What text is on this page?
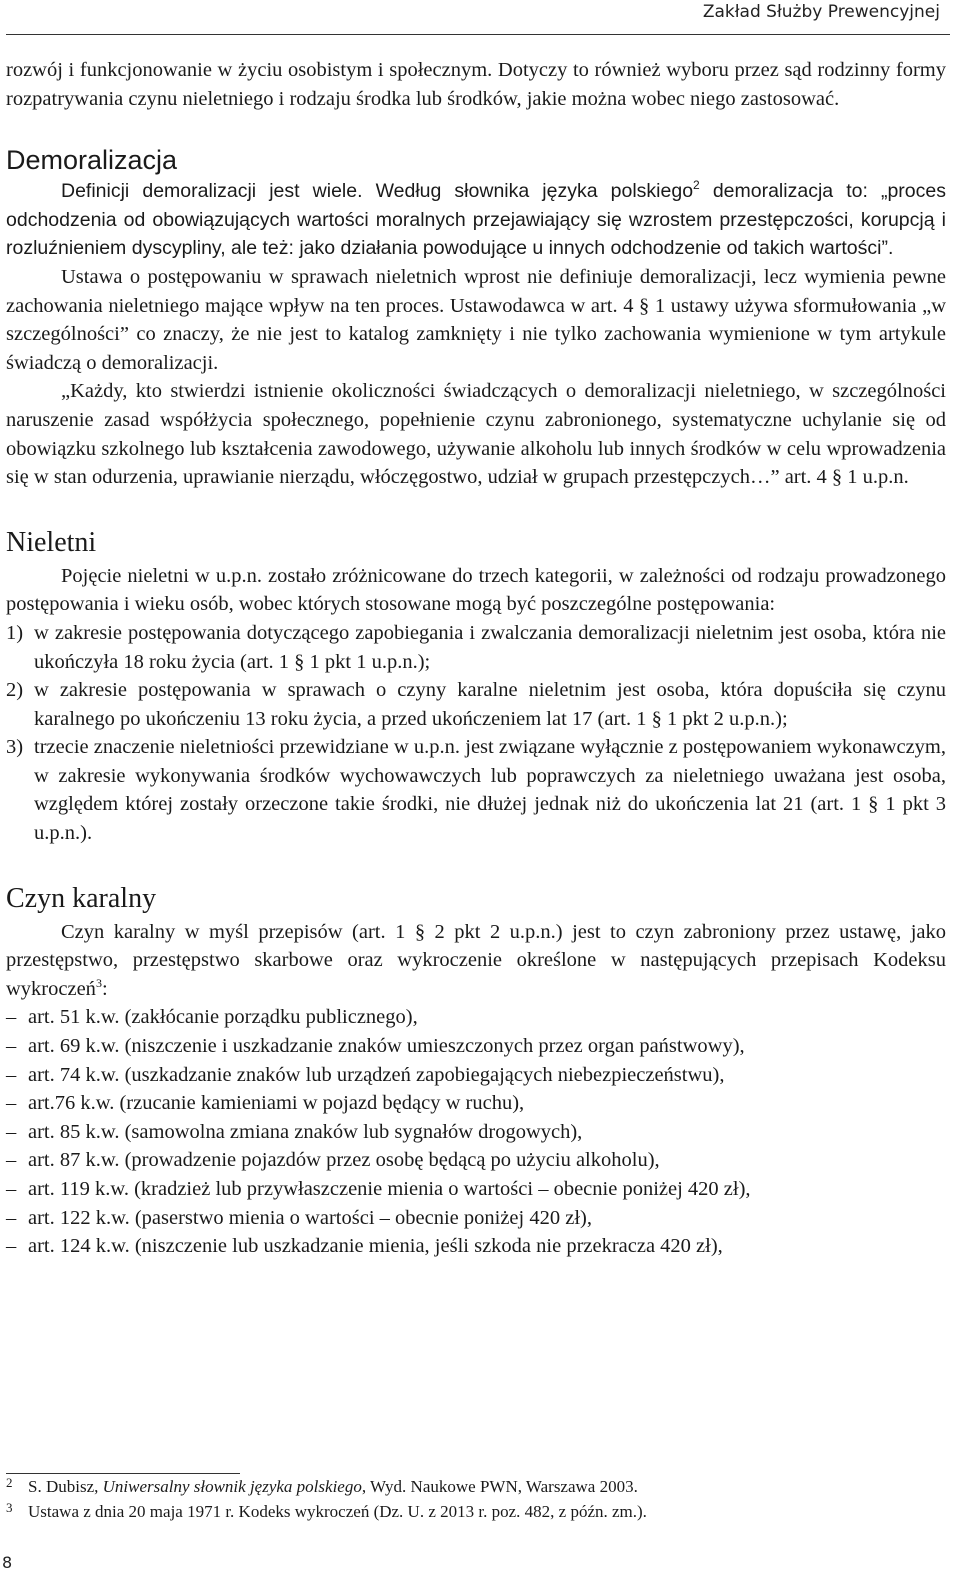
Zakład Służby Prewencyjnej

rozwój i funkcjonowanie w życiu osobistym i społecznym. Dotyczy to również wyboru przez sąd rodzinny formy rozpatrywania czynu nieletniego i rodzaju środka lub środków, jakie można wobec niego zastosować.

Demoralizacja

Definicji demoralizacji jest wiele. Według słownika języka polskiego$^2$ demoralizacja to: „proces odchodzenia od obowiązujących wartości moralnych przejawiający się wzrostem przestępczości, korupcją i rozluźnieniem dyscypliny, ale też: jako działania powodujące u innych odchodzenie od takich wartości”.

Ustawa o postępowaniu w sprawach nieletnich wprost nie definiuje demoralizacji, lecz wymienia pewne zachowania nieletniego mające wpływ na ten proces. Ustawodawca w art. 4 § 1 ustawy używa sformułowania „w szczególności” co znaczy, że nie jest to katalog zamknięty i nie tylko zachowania wymienione w tym artykule świadczą o demoralizacji.

„Każdy, kto stwierdzi istnienie okoliczności świadczących o demoralizacji nieletniego, w szczególności naruszenie zasad współżycia społecznego, popełnienie czynu zabronionego, systematyczne uchylanie się od obowiązku szkolnego lub kształcenia zawodowego, używanie alkoholu lub innych środków w celu wprowadzenia się w stan odurzenia, uprawianie nierządu, włóczęgostwo, udział w grupach przestępczych…” art. 4 § 1 u.p.n.

Nieletni

Pojęcie nieletni w u.p.n. zostało zróżnicowane do trzech kategorii, w zależności od rodzaju prowadzonego postępowania i wieku osób, wobec których stosowane mogą być poszczególne postępowania:

1) w zakresie postępowania dotyczącego zapobiegania i zwalczania demoralizacji nieletnim jest osoba, która nie ukończyła 18 roku życia (art. 1 § 1 pkt 1 u.p.n.);
2) w zakresie postępowania w sprawach o czyny karalne nieletnim jest osoba, która dopuściła się czynu karalnego po ukończeniu 13 roku życia, a przed ukończeniem lat 17 (art. 1 § 1 pkt 2 u.p.n.);
3) trzecie znaczenie nieletniości przewidziane w u.p.n. jest związane wyłącznie z postępowaniem wykonawczym, w zakresie wykonywania środków wychowawczych lub poprawczych za nieletniego uważana jest osoba, względem której zostały orzeczone takie środki, nie dłużej jednak niż do ukończenia lat 21 (art. 1 § 1 pkt 3 u.p.n.).
Czyn karalny

Czyn karalny w myśl przepisów (art. 1 § 2 pkt 2 u.p.n.) jest to czyn zabroniony przez ustawę, jako przestępstwo, przestępstwo skarbowe oraz wykroczenie określone w następujących przepisach Kodeksu wykroczeń$^3$:

– art. 51 k.w. (zakłócanie porządku publicznego),
– art. 69 k.w. (niszczenie i uszkadzanie znaków umieszczonych przez organ państwowy),
– art. 74 k.w. (uszkadzanie znaków lub urządzeń zapobiegających niebezpieczeństwu),
– art.76 k.w. (rzucanie kamieniami w pojazd będący w ruchu),
– art. 85 k.w. (samowolna zmiana znaków lub sygnałów drogowych),
– art. 87 k.w. (prowadzenie pojazdów przez osobę będącą po użyciu alkoholu),
– art. 119 k.w. (kradzież lub przywłaszczenie mienia o wartości – obecnie poniżej 420 zł),
– art. 122 k.w. (paserstwo mienia o wartości – obecnie poniżej 420 zł),
– art. 124 k.w. (niszczenie lub uszkadzanie mienia, jeśli szkoda nie przekracza 420 zł),
2 S. Dubisz, Uniwersalny słownik języka polskiego, Wyd. Naukowe PWN, Warszawa 2003.
3 Ustawa z dnia 20 maja 1971 r. Kodeks wykroczeń (Dz. U. z 2013 r. poz. 482, z późn. zm.).
8
